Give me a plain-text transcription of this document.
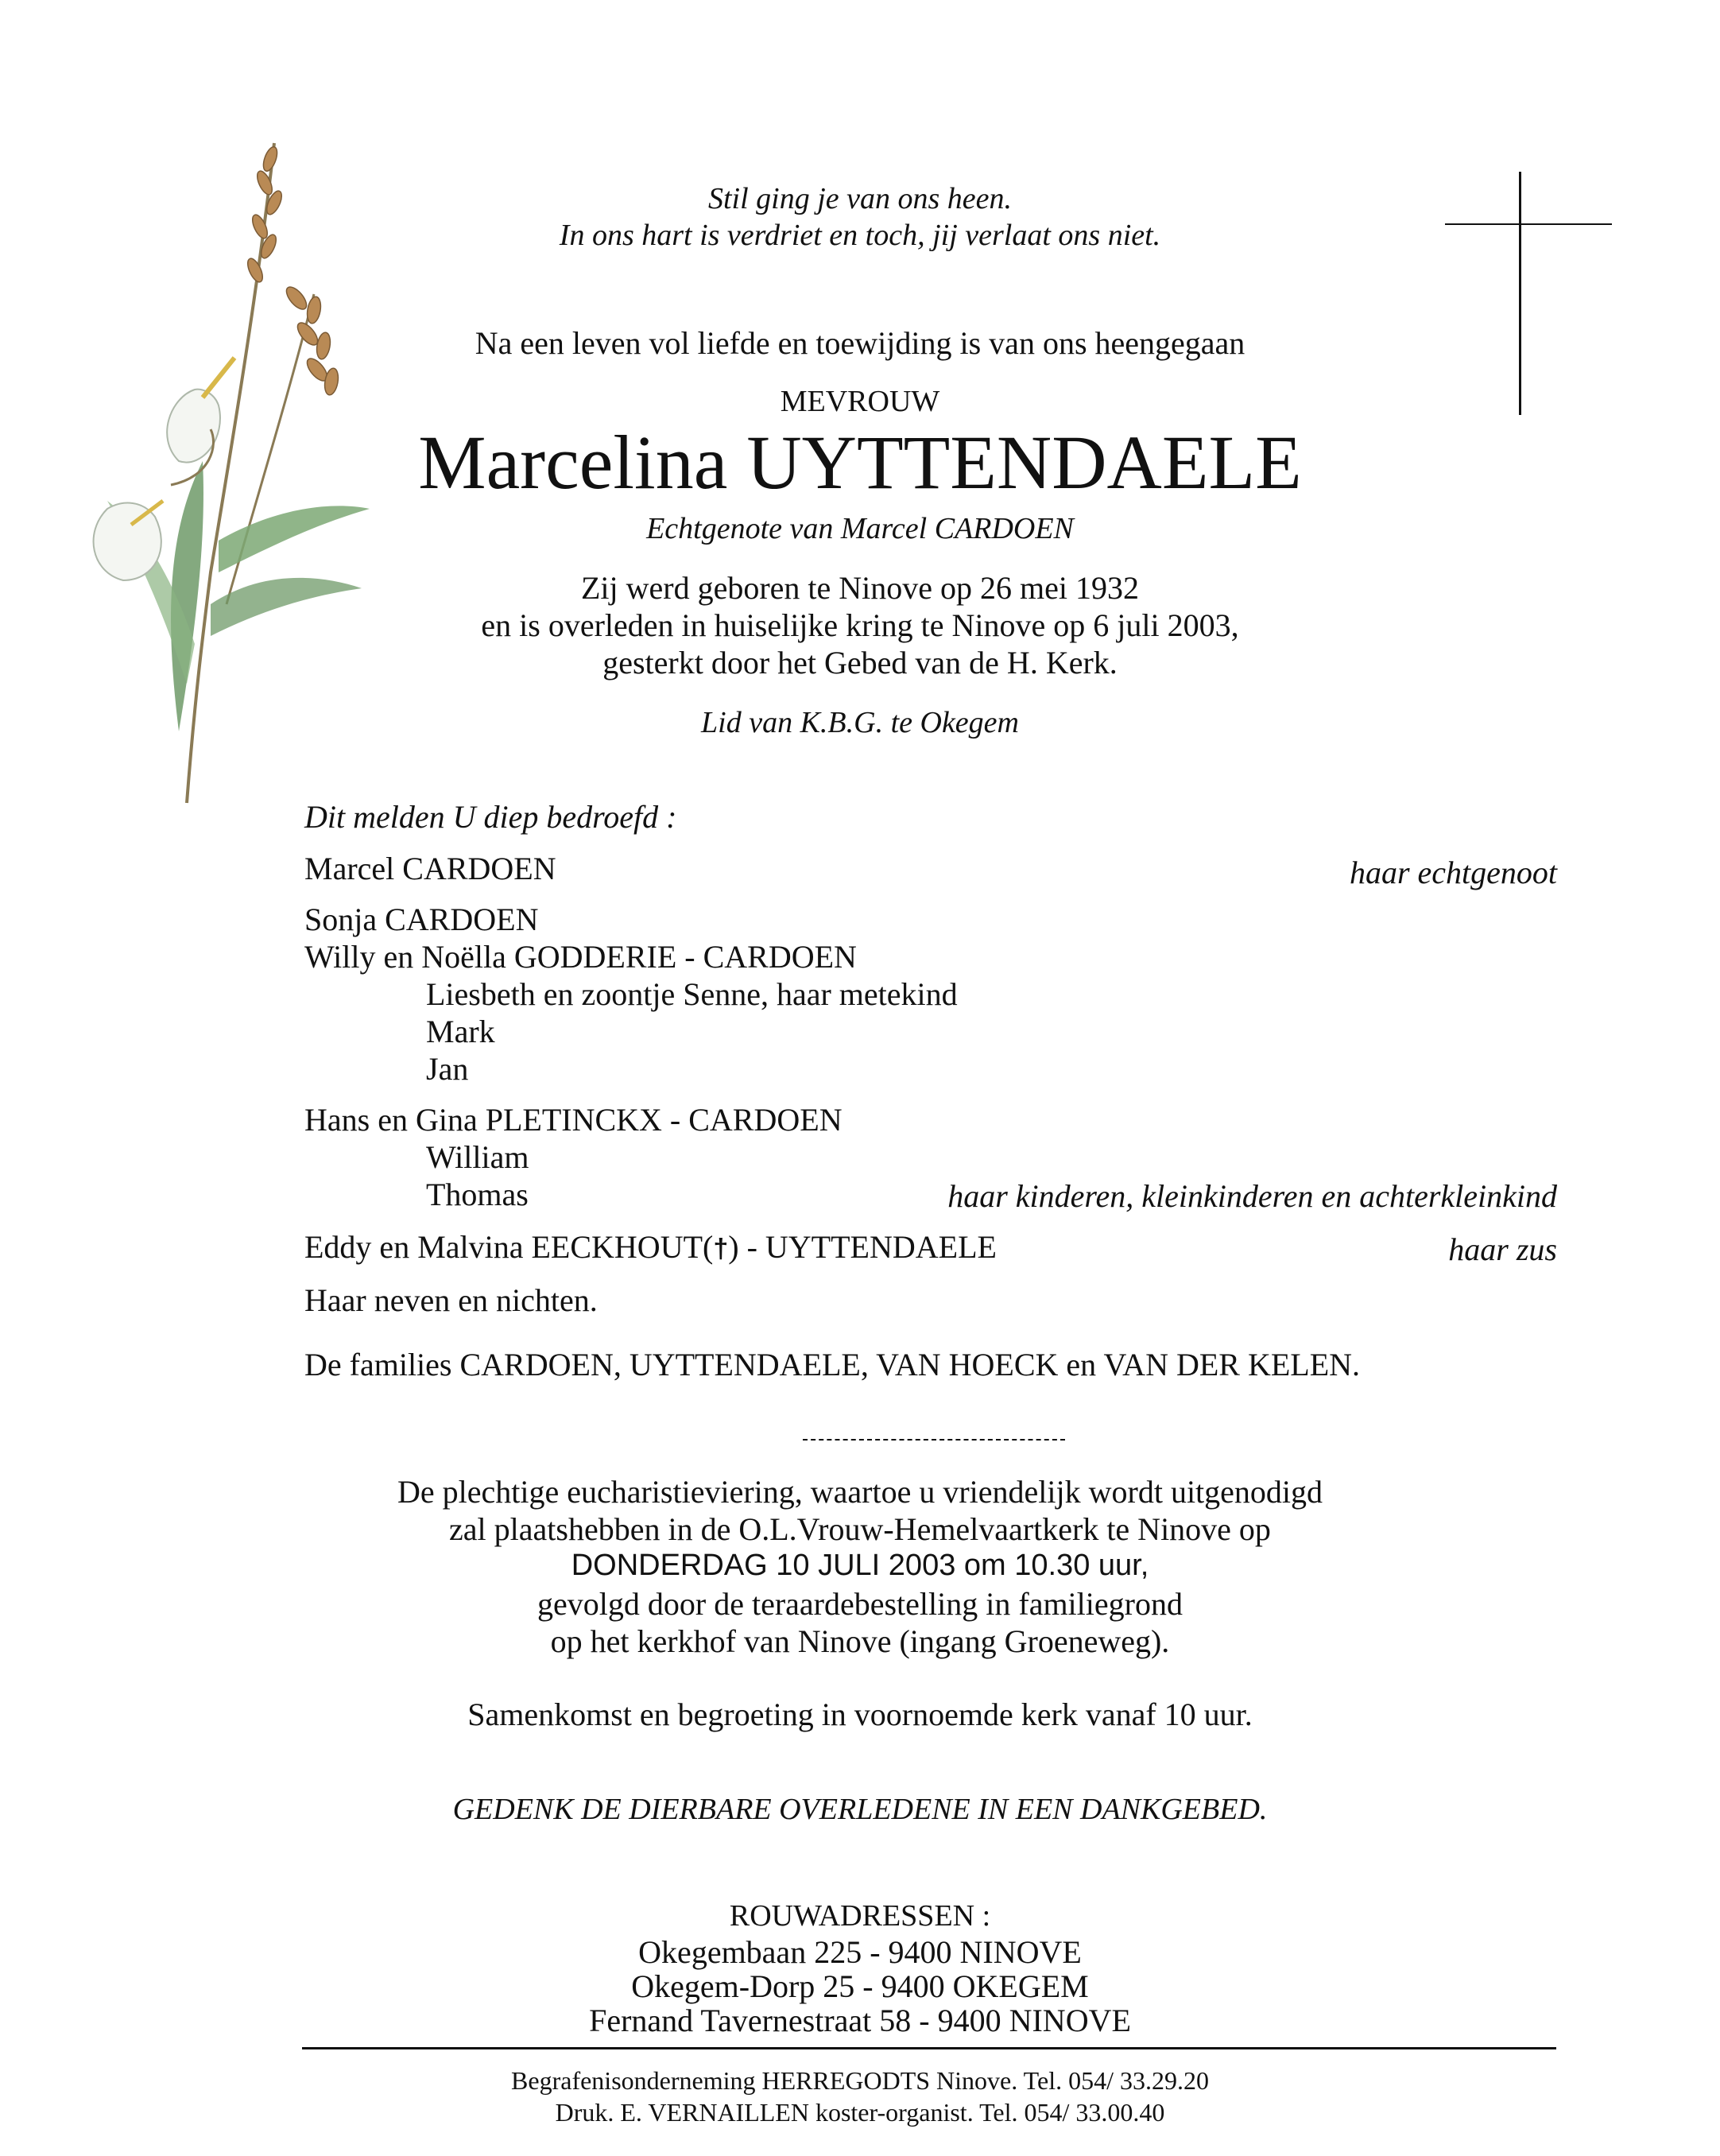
Stil ging je van ons heen.
In ons hart is verdriet en toch, jij verlaat ons niet.
Na een leven vol liefde en toewijding is van ons heengegaan
MEVROUW
Marcelina UYTTENDAELE
Echtgenote van Marcel CARDOEN
Zij werd geboren te Ninove op 26 mei 1932
en is overleden in huiselijke kring te Ninove op 6 juli 2003,
gesterkt door het Gebed van de H. Kerk.
Lid van K.B.G. te Okegem
Dit melden U diep bedroefd :
Marcel CARDOEN	haar echtgenoot
Sonja CARDOEN
Willy en Noëlla GODDERIE - CARDOEN
Liesbeth en zoontje Senne, haar metekind
Mark
Jan
Hans en Gina PLETINCKX - CARDOEN
William
Thomas	haar kinderen, kleinkinderen en achterkleinkind
Eddy en Malvina EECKHOUT(†) - UYTTENDAELE	haar zus
Haar neven en nichten.
De families CARDOEN, UYTTENDAELE, VAN HOECK en VAN DER KELEN.
De plechtige eucharistieviering, waartoe u vriendelijk wordt uitgenodigd
zal plaatshebben in de O.L.Vrouw-Hemelvaartkerk te Ninove op
DONDERDAG 10 JULI 2003 om 10.30 uur,
gevolgd door de teraardebestelling in familiegrond
op het kerkhof van Ninove (ingang Groeneweg).
Samenkomst en begroeting in voornoemde kerk vanaf 10 uur.
GEDENK DE DIERBARE OVERLEDENE IN EEN DANKGEBED.
ROUWADRESSEN :
Okegembaan 225 - 9400 NINOVE
Okegem-Dorp 25 - 9400 OKEGEM
Fernand Tavernestraat 58 - 9400 NINOVE
Begrafenisonderneming HERREGODTS Ninove. Tel. 054/ 33.29.20
Druk. E. VERNAILLEN koster-organist. Tel. 054/ 33.00.40
